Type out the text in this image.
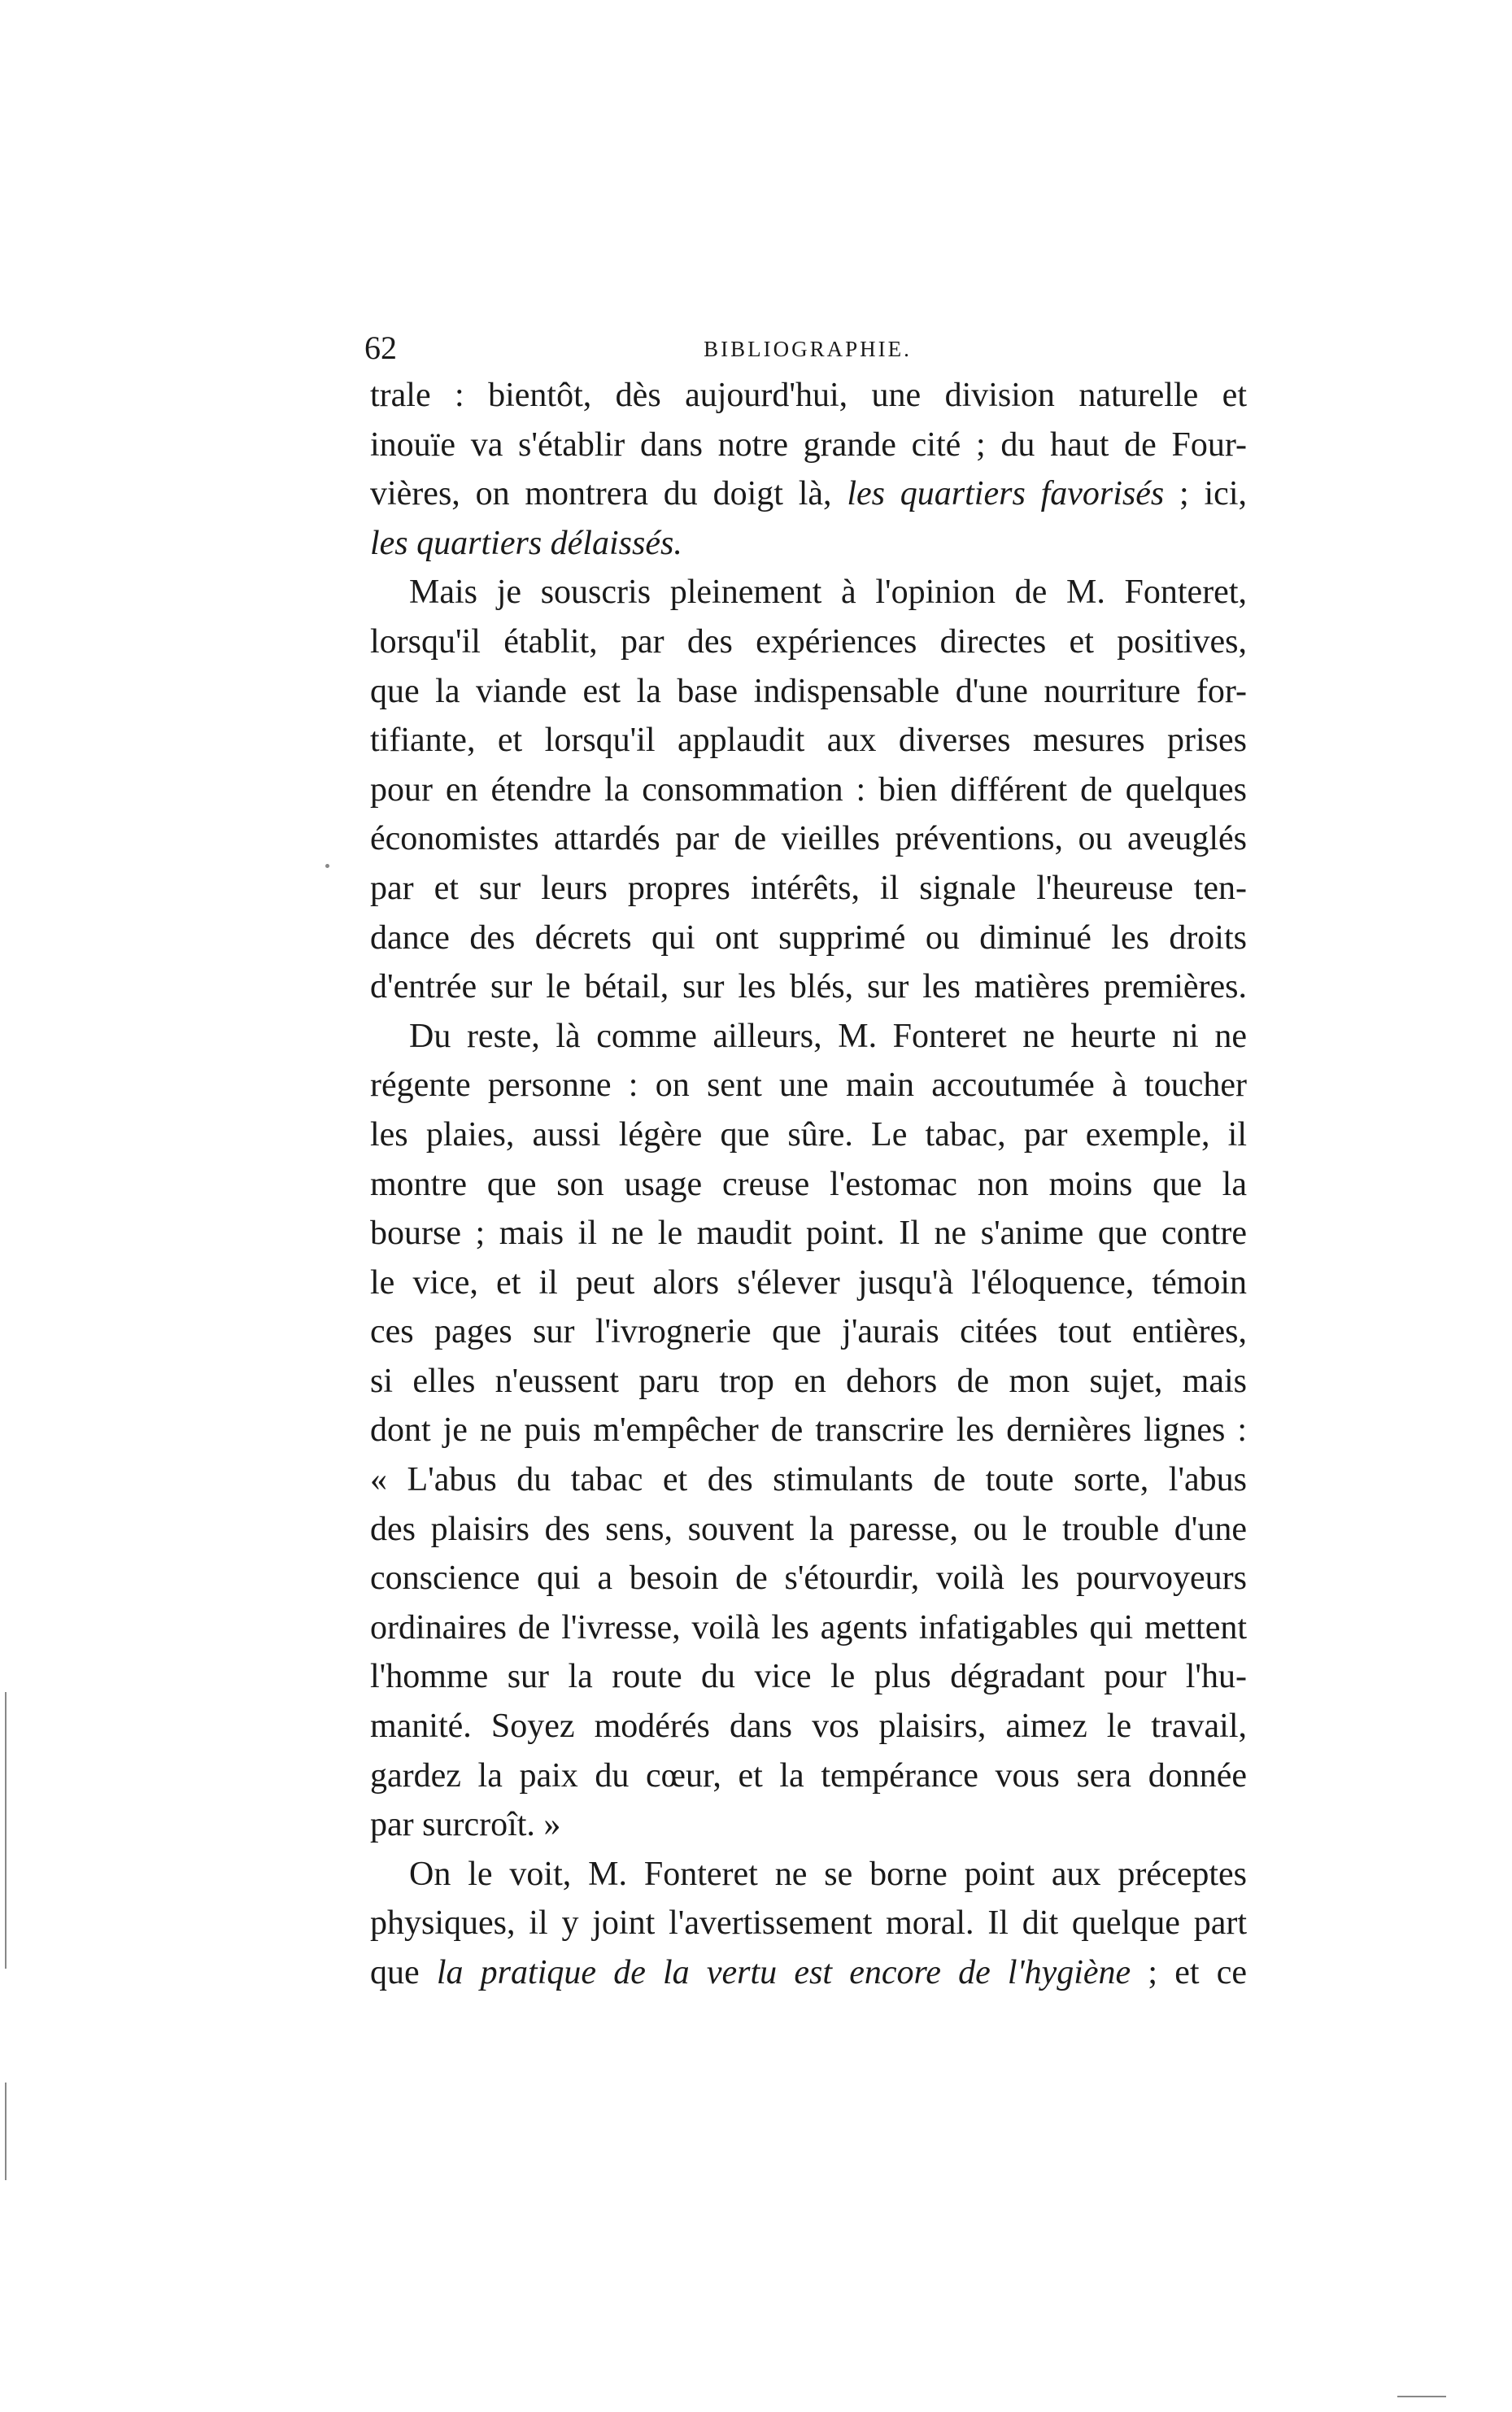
62	BIBLIOGRAPHIE.
trale : bientôt, dès aujourd'hui, une division naturelle et
inouïe va s'établir dans notre grande cité ; du haut de Four-
vières, on montrera du doigt là, les quartiers favorisés ; ici,
les quartiers délaissés.
Mais je souscris pleinement à l'opinion de M. Fonteret,
lorsqu'il établit, par des expériences directes et positives,
que la viande est la base indispensable d'une nourriture for-
tifiante, et lorsqu'il applaudit aux diverses mesures prises
pour en étendre la consommation : bien différent de quelques
économistes attardés par de vieilles préventions, ou aveuglés
par et sur leurs propres intérêts, il signale l'heureuse ten-
dance des décrets qui ont supprimé ou diminué les droits
d'entrée sur le bétail, sur les blés, sur les matières premières.
Du reste, là comme ailleurs, M. Fonteret ne heurte ni ne
régente personne : on sent une main accoutumée à toucher
les plaies, aussi légère que sûre. Le tabac, par exemple, il
montre que son usage creuse l'estomac non moins que la
bourse ; mais il ne le maudit point. Il ne s'anime que contre
le vice, et il peut alors s'élever jusqu'à l'éloquence, témoin
ces pages sur l'ivrognerie que j'aurais citées tout entières,
si elles n'eussent paru trop en dehors de mon sujet, mais
dont je ne puis m'empêcher de transcrire les dernières lignes :
« L'abus du tabac et des stimulants de toute sorte, l'abus
des plaisirs des sens, souvent la paresse, ou le trouble d'une
conscience qui a besoin de s'étourdir, voilà les pourvoyeurs
ordinaires de l'ivresse, voilà les agents infatigables qui mettent
l'homme sur la route du vice le plus dégradant pour l'hu-
manité. Soyez modérés dans vos plaisirs, aimez le travail,
gardez la paix du cœur, et la tempérance vous sera donnée
par surcroît. »
On le voit, M. Fonteret ne se borne point aux préceptes
physiques, il y joint l'avertissement moral. Il dit quelque part
que la pratique de la vertu est encore de l'hygiène ; et ce
